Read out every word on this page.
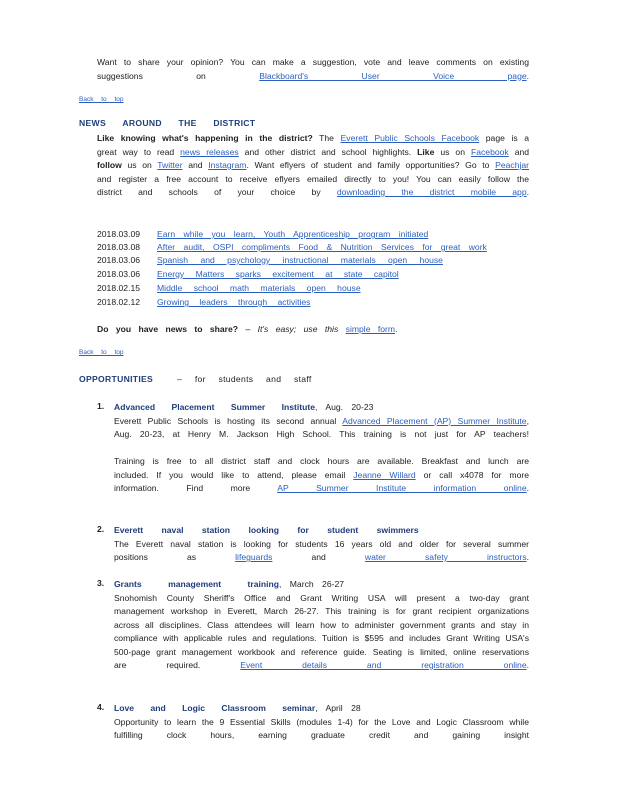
Want to share your opinion? You can make a suggestion, vote and leave comments on existing suggestions on	Blackboard's User Voice page.
Back to top
NEWS AROUND THE DISTRICT
Like knowing what's happening in the district? The Everett Public Schools Facebook page is a great way to read news releases and other district and school highlights. Like us on Facebook and follow us on Twitter and Instagram. Want eflyers of student and family opportunities? Go to Peachjar and register a free account to receive eflyers emailed directly to you! You can easily follow the district and schools of your choice by downloading the district mobile app.
2018.03.09 Earn while you learn, Youth Apprenticeship program initiated
2018.03.08 After audit, OSPI compliments Food & Nutrition Services for great work
2018.03.06 Spanish and psychology instructional materials open house
2018.03.06 Energy Matters sparks excitement at state capitol
2018.02.15 Middle school math materials open house
2018.02.12 Growing leaders through activities
Do you have news to share? – It's easy; use this simple form.
Back to top
OPPORTUNITIES	– for students and staff
1. Advanced Placement Summer Institute, Aug. 20-23
Everett Public Schools is hosting its second annual Advanced Placement (AP) Summer Institute, Aug. 20-23, at Henry M. Jackson High School. This training is not just for AP teachers!
Training is free to all district staff and clock hours are available. Breakfast and lunch are included. If you would like to attend, please email Jeanne Willard or call x4078 for more information. Find more	AP Summer Institute information online.
2. Everett naval station looking for student swimmers
The Everett naval station is looking for students 16 years old and older for several summer positions as	lifeguards	and	water safety instructors.
3. Grants management training, March 26-27
Snohomish County Sheriff's Office and Grant Writing USA will present a two-day grant management workshop in Everett, March 26-27. This training is for grant recipient organizations across all disciplines. Class attendees will learn how to administer government grants and stay in compliance with applicable rules and regulations. Tuition is $595 and includes Grant Writing USA's 500-page grant management workbook and reference guide. Seating is limited, online reservations are required.	Event details and registration online.
4. Love and Logic Classroom seminar, April 28
Opportunity to learn the 9 Essential Skills (modules 1-4) for the Love and Logic Classroom while fulfilling clock hours, earning graduate credit and gaining insight
